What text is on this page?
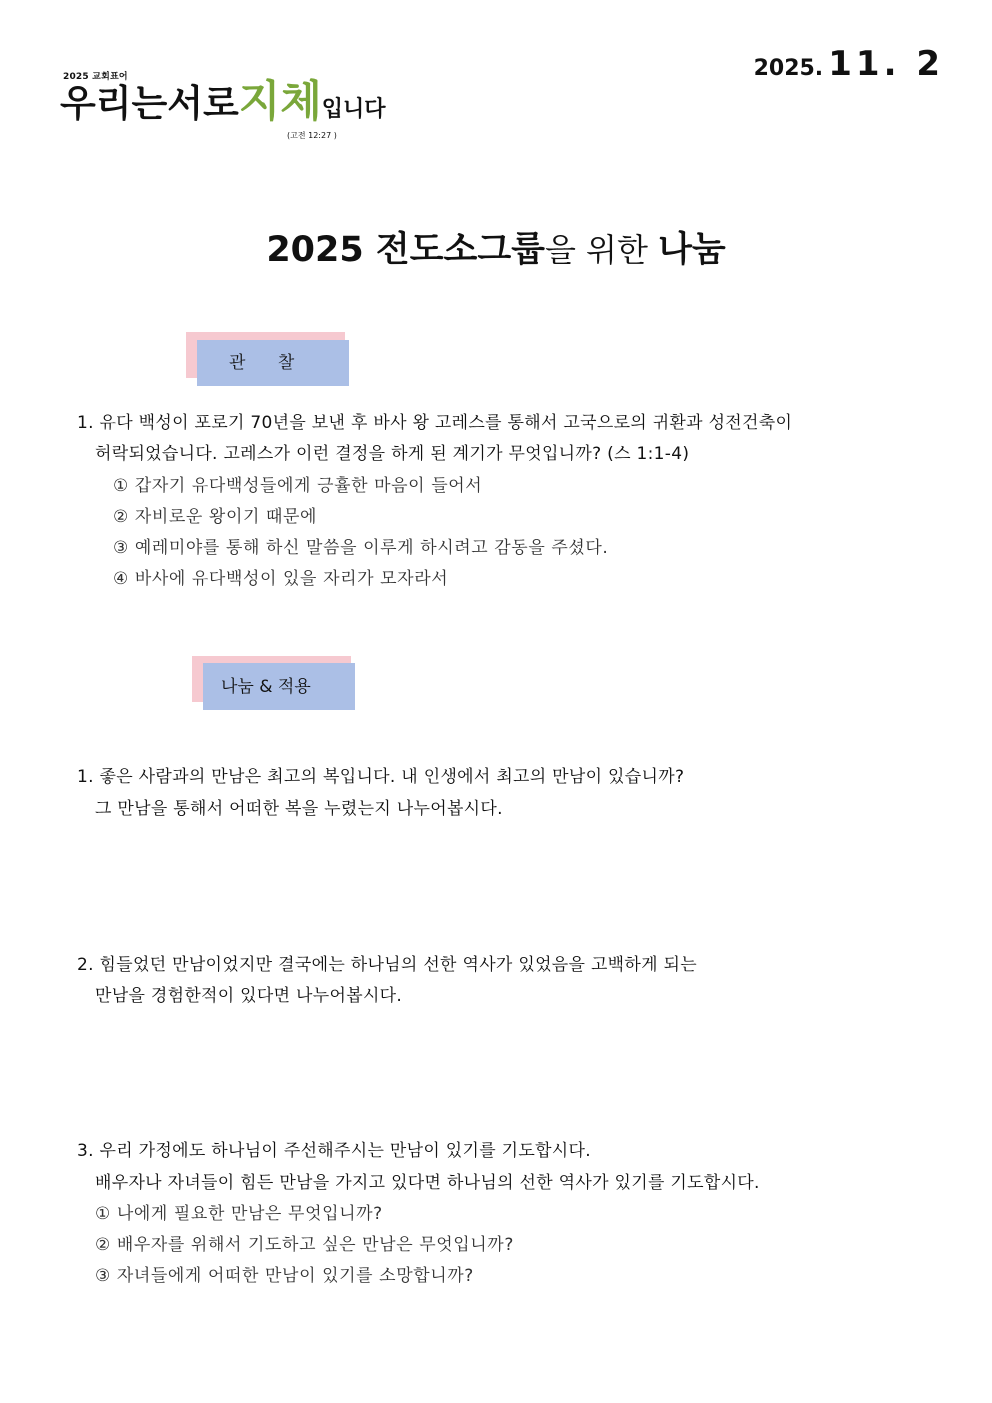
2025 교회표어
우리는서로지체입니다
(고전 12:27 )
2025. 11. 2
2025 전도소그룹을 위한 나눔
관      찰
1. 유다 백성이 포로기 70년을 보낸 후 바사 왕 고레스를 통해서 고국으로의 귀환과 성전건축이
허락되었습니다. 고레스가 이런 결정을 하게 된 계기가 무엇입니까? (스 1:1-4)
① 갑자기 유다백성들에게 긍휼한 마음이 들어서
② 자비로운 왕이기 때문에
③ 예레미야를 통해 하신 말씀을 이루게 하시려고 감동을 주셨다.
④ 바사에 유다백성이 있을 자리가 모자라서
나눔 & 적용
1. 좋은 사람과의 만남은 최고의 복입니다. 내 인생에서 최고의 만남이 있습니까?
그 만남을 통해서 어떠한 복을 누렸는지 나누어봅시다.
2. 힘들었던 만남이었지만 결국에는 하나님의 선한 역사가 있었음을 고백하게 되는
만남을 경험한적이 있다면 나누어봅시다.
3. 우리 가정에도 하나님이 주선해주시는 만남이 있기를 기도합시다.
배우자나 자녀들이 힘든 만남을 가지고 있다면 하나님의 선한 역사가 있기를 기도합시다.
① 나에게 필요한 만남은 무엇입니까?
② 배우자를 위해서 기도하고 싶은 만남은 무엇입니까?
③ 자녀들에게 어떠한 만남이 있기를 소망합니까?
